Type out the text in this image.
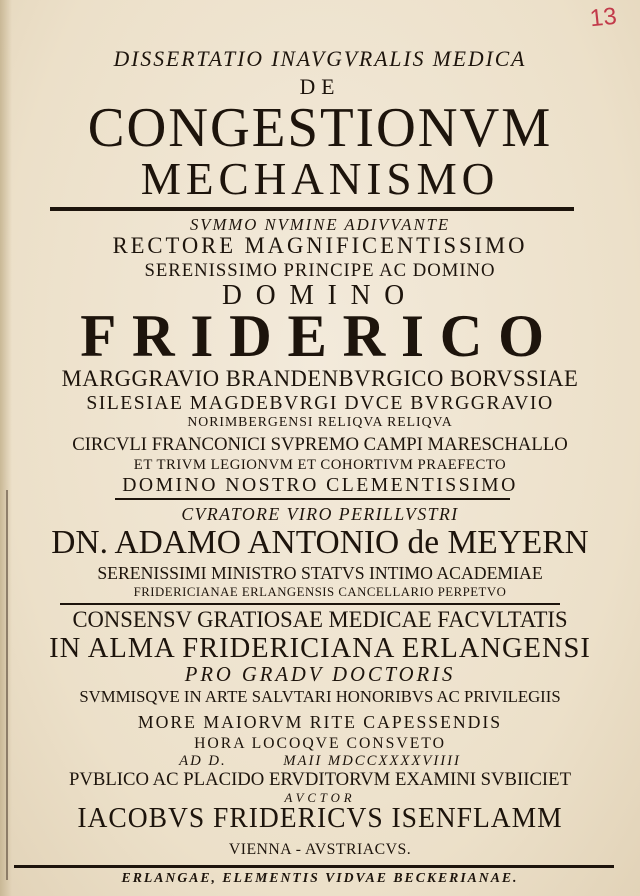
13
DISSERTATIO INAVGVRALIS MEDICA
DE
CONGESTIONVM
MECHANISMO
SVMMO NVMINE ADIVVANTE
RECTORE MAGNIFICENTISSIMO
SERENISSIMO PRINCIPE AC DOMINO
DOMINO
FRIDERICO
MARGGRAVIO BRANDENBVRGICO BORVSSIAE
SILESIAE MAGDEBVRGI DVCE BVRGGRAVIO
NORIMBERGENSI RELIQVA RELIQVA
CIRCVLI FRANCONICI SVPREMO CAMPI MARESCHALLO
ET TRIVM LEGIONVM ET COHORTIVM PRAEFECTO
DOMINO NOSTRO CLEMENTISSIMO
CVRATORE VIRO PERILLVSTRI
DN. ADAMO ANTONIO de MEYERN
SERENISSIMI MINISTRO STATVS INTIMO ACADEMIAE
FRIDERICIANAE ERLANGENSIS CANCELLARIO PERPETVO
CONSENSV GRATIOSAE MEDICAE FACVLTATIS
IN ALMA FRIDERICIANA ERLANGENSI
PRO GRADV DOCTORIS
SVMMISQVE IN ARTE SALVTARI HONORIBVS AC PRIVILEGIIS
MORE MAIORVM RITE CAPESSENDIS
HORA LOCOQVE CONSVETO
AD D.          MAII MDCCXXXXVIIII
PVBLICO AC PLACIDO ERVDITORVM EXAMINI SVBIICIET
AVCTOR
IACOBVS FRIDERICVS ISENFLAMM
VIENNA - AVSTRIACVS.
ERLANGAE, ELEMENTIS VIDVAE BECKERIANAE.
